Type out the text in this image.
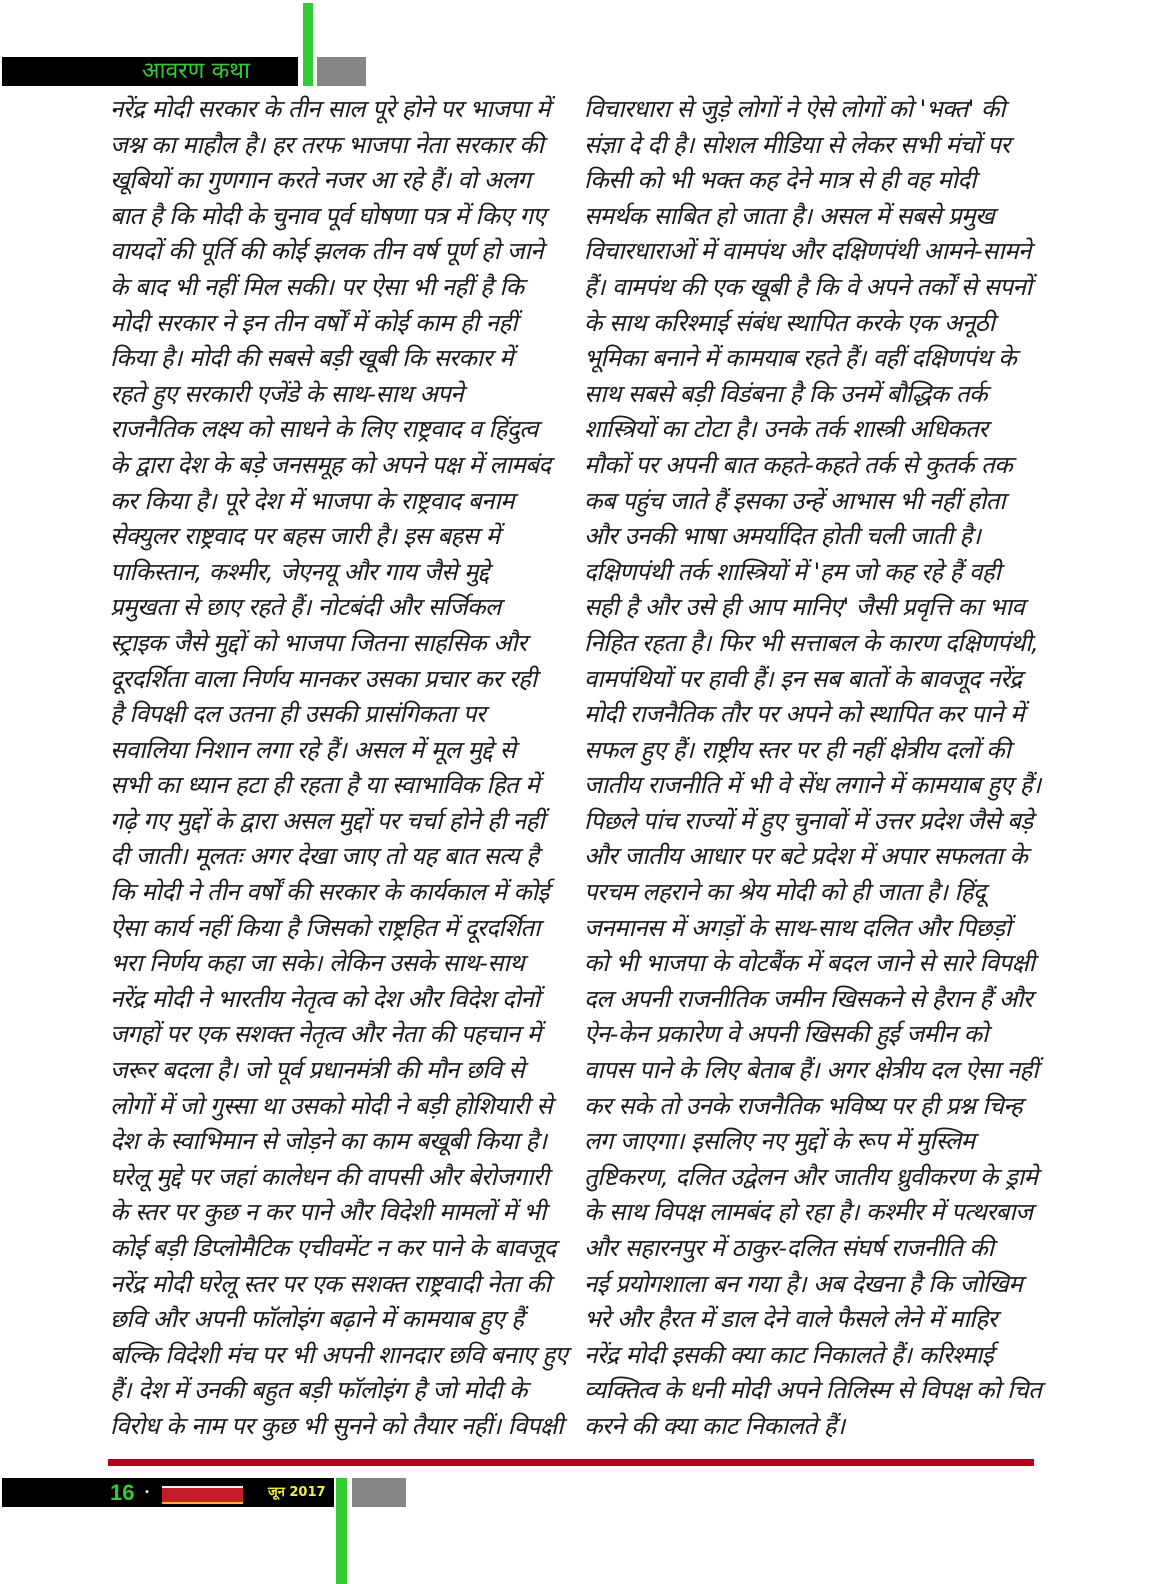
आवरण कथा
नरेंद्र मोदी सरकार के तीन साल पूरे होने पर भाजपा में
जश्न का माहौल है। हर तरफ भाजपा नेता सरकार की
खूबियों का गुणगान करते नजर आ रहे हैं। वो अलग
बात है कि मोदी के चुनाव पूर्व घोषणा पत्र में किए गए
वायदों की पूर्ति की कोई झलक तीन वर्ष पूर्ण हो जाने
के बाद भी नहीं मिल सकी। पर ऐसा भी नहीं है कि
मोदी सरकार ने इन तीन वर्षों में कोई काम ही नहीं
किया है। मोदी की सबसे बड़ी खूबी कि सरकार में
रहते हुए सरकारी एजेंडे के साथ-साथ अपने
राजनैतिक लक्ष्य को साधने के लिए राष्ट्रवाद व हिंदुत्व
के द्वारा देश के बड़े जनसमूह को अपने पक्ष में लामबंद
कर किया है। पूरे देश में भाजपा के राष्ट्रवाद बनाम
सेक्युलर राष्ट्रवाद पर बहस जारी है। इस बहस में
पाकिस्तान, कश्मीर, जेएनयू और गाय जैसे मुद्दे
प्रमुखता से छाए रहते हैं। नोटबंदी और सर्जिकल
स्ट्राइक जैसे मुद्दों को भाजपा जितना साहसिक और
दूरदर्शिता वाला निर्णय मानकर उसका प्रचार कर रही
है विपक्षी दल उतना ही उसकी प्रासंगिकता पर
सवालिया निशान लगा रहे हैं। असल में मूल मुद्दे से
सभी का ध्यान हटा ही रहता है या स्वाभाविक हित में
गढ़े गए मुद्दों के द्वारा असल मुद्दों पर चर्चा होने ही नहीं
दी जाती। मूलतः अगर देखा जाए तो यह बात सत्य है
कि मोदी ने तीन वर्षों की सरकार के कार्यकाल में कोई
ऐसा कार्य नहीं किया है जिसको राष्ट्रहित में दूरदर्शिता
भरा निर्णय कहा जा सके। लेकिन उसके साथ-साथ
नरेंद्र मोदी ने भारतीय नेतृत्व को देश और विदेश दोनों
जगहों पर एक सशक्त नेतृत्व और नेता की पहचान में
जरूर बदला है। जो पूर्व प्रधानमंत्री की मौन छवि से
लोगों में जो गुस्सा था उसको मोदी ने बड़ी होशियारी से
देश के स्वाभिमान से जोड़ने का काम बखूबी किया है।
घरेलू मुद्दे पर जहां कालेधन की वापसी और बेरोजगारी
के स्तर पर कुछ न कर पाने और विदेशी मामलों में भी
कोई बड़ी डिप्लोमैटिक एचीवमेंट न कर पाने के बावजूद
नरेंद्र मोदी घरेलू स्तर पर एक सशक्त राष्ट्रवादी नेता की
छवि और अपनी फॉलोइंग बढ़ाने में कामयाब हुए हैं
बल्कि विदेशी मंच पर भी अपनी शानदार छवि बनाए हुए
हैं। देश में उनकी बहुत बड़ी फॉलोइंग है जो मोदी के
विरोध के नाम पर कुछ भी सुनने को तैयार नहीं। विपक्षी
विचारधारा से जुड़े लोगों ने ऐसे लोगों को 'भक्त' की
संज्ञा दे दी है। सोशल मीडिया से लेकर सभी मंचों पर
किसी को भी भक्त कह देने मात्र से ही वह मोदी
समर्थक साबित हो जाता है। असल में सबसे प्रमुख
विचारधाराओं में वामपंथ और दक्षिणपंथी आमने-सामने
हैं। वामपंथ की एक खूबी है कि वे अपने तर्कों से सपनों
के साथ करिश्माई संबंध स्थापित करके एक अनूठी
भूमिका बनाने में कामयाब रहते हैं। वहीं दक्षिणपंथ के
साथ सबसे बड़ी विडंबना है कि उनमें बौद्धिक तर्क
शास्त्रियों का टोटा है। उनके तर्क शास्त्री अधिकतर
मौकों पर अपनी बात कहते-कहते तर्क से कुतर्क तक
कब पहुंच जाते हैं इसका उन्हें आभास भी नहीं होता
और उनकी भाषा अमर्यादित होती चली जाती है।
दक्षिणपंथी तर्क शास्त्रियों में 'हम जो कह रहे हैं वही
सही है और उसे ही आप मानिए' जैसी प्रवृत्ति का भाव
निहित रहता है। फिर भी सत्ताबल के कारण दक्षिणपंथी,
वामपंथियों पर हावी हैं। इन सब बातों के बावजूद नरेंद्र
मोदी राजनैतिक तौर पर अपने को स्थापित कर पाने में
सफल हुए हैं। राष्ट्रीय स्तर पर ही नहीं क्षेत्रीय दलों की
जातीय राजनीति में भी वे सेंध लगाने में कामयाब हुए हैं।
पिछले पांच राज्यों में हुए चुनावों में उत्तर प्रदेश जैसे बड़े
और जातीय आधार पर बटे प्रदेश में अपार सफलता के
परचम लहराने का श्रेय मोदी को ही जाता है। हिंदू
जनमानस में अगड़ों के साथ-साथ दलित और पिछड़ों
को भी भाजपा के वोटबैंक में बदल जाने से सारे विपक्षी
दल अपनी राजनीतिक जमीन खिसकने से हैरान हैं और
ऐन-केन प्रकारेण वे अपनी खिसकी हुई जमीन को
वापस पाने के लिए बेताब हैं। अगर क्षेत्रीय दल ऐसा नहीं
कर सके तो उनके राजनैतिक भविष्य पर ही प्रश्न चिन्ह
लग जाएगा। इसलिए नए मुद्दों के रूप में मुस्लिम
तुष्टिकरण, दलित उद्वेलन और जातीय ध्रुवीकरण के ड्रामे
के साथ विपक्ष लामबंद हो रहा है। कश्मीर में पत्थरबाज
और सहारनपुर में ठाकुर-दलित संघर्ष राजनीति की
नई प्रयोगशाला बन गया है। अब देखना है कि जोखिम
भरे और हैरत में डाल देने वाले फैसले लेने में माहिर
नरेंद्र मोदी इसकी क्या काट निकालते हैं। करिश्माई
व्यक्तित्व के धनी मोदी अपने तिलिस्म से विपक्ष को चित
करने की क्या काट निकालते हैं।
16 •	जून 2017
